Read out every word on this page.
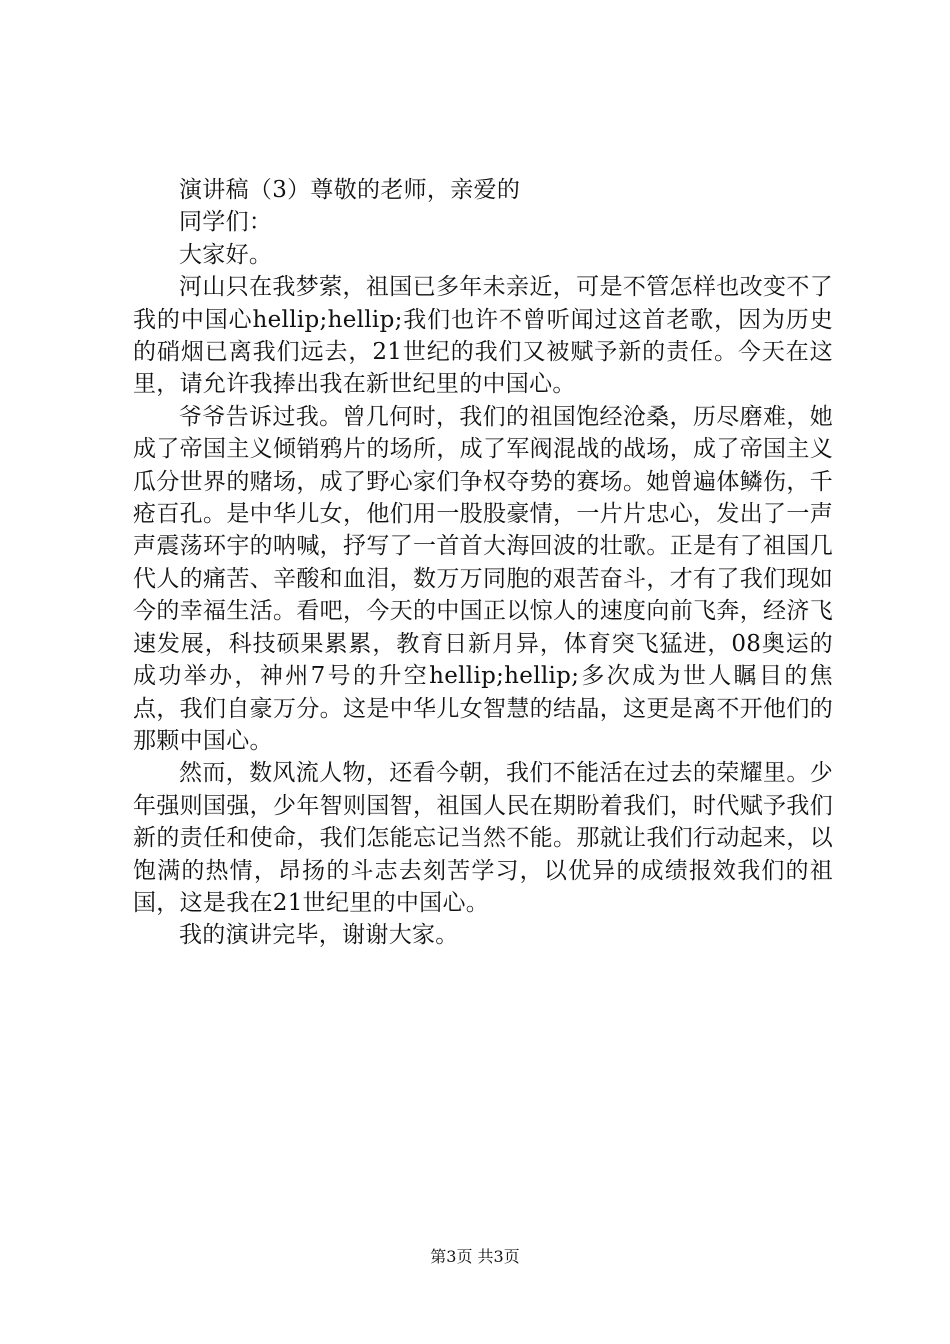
演讲稿（3）尊敬的老师，亲爱的

同学们：

大家好。

河山只在我梦萦，祖国已多年未亲近，可是不管怎样也改变不了我的中国心hellip;hellip;我们也许不曾听闻过这首老歌，因为历史的硝烟已离我们远去，21世纪的我们又被赋予新的责任。今天在这里，请允许我捧出我在新世纪里的中国心。

爷爷告诉过我。曾几何时，我们的祖国饱经沧桑，历尽磨难，她成了帝国主义倾销鸦片的场所，成了军阀混战的战场，成了帝国主义瓜分世界的赌场，成了野心家们争权夺势的赛场。她曾遍体鳞伤，千疮百孔。是中华儿女，他们用一股股豪情，一片片忠心，发出了一声声震荡环宇的呐喊，抒写了一首首大海回波的壮歌。正是有了祖国几代人的痛苦、辛酸和血泪，数万万同胞的艰苦奋斗，才有了我们现如今的幸福生活。看吧，今天的中国正以惊人的速度向前飞奔，经济飞速发展，科技硕果累累，教育日新月异，体育突飞猛进，08奥运的成功举办，神州7号的升空hellip;hellip;多次成为世人瞩目的焦点，我们自豪万分。这是中华儿女智慧的结晶，这更是离不开他们的那颗中国心。

然而，数风流人物，还看今朝，我们不能活在过去的荣耀里。少年强则国强，少年智则国智，祖国人民在期盼着我们，时代赋予我们新的责任和使命，我们怎能忘记当然不能。那就让我们行动起来，以饱满的热情，昂扬的斗志去刻苦学习，以优异的成绩报效我们的祖国，这是我在21世纪里的中国心。

我的演讲完毕，谢谢大家。

第3页 共3页
